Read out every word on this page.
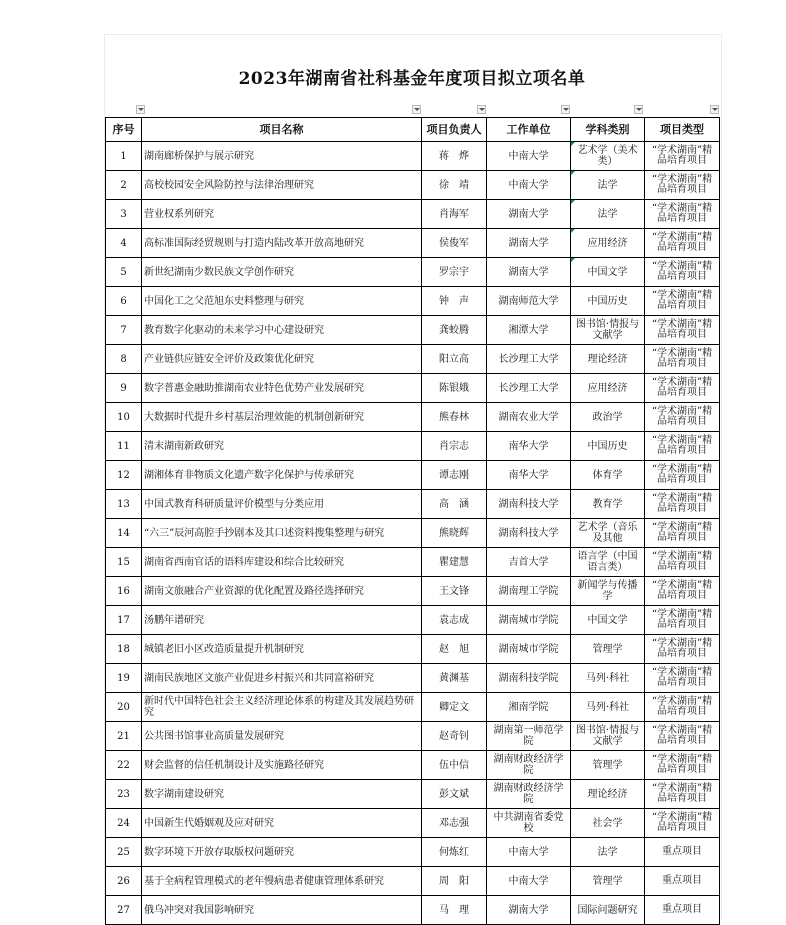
2023年湖南省社科基金年度项目拟立项名单
序号	项目名称	项目负责人	工作单位	学科类别	项目类型
1	湖南廊桥保护与展示研究	蒋　烨	中南大学	艺术学（美术类）	“学术湖南”精品培育项目
2	高校校园安全风险防控与法律治理研究	徐　靖	中南大学	法学	“学术湖南”精品培育项目
3	营业权系列研究	肖海军	湖南大学	法学	“学术湖南”精品培育项目
4	高标准国际经贸规则与打造内陆改革开放高地研究	侯俊军	湖南大学	应用经济	“学术湖南”精品培育项目
5	新世纪湖南少数民族文学创作研究	罗宗宇	湖南大学	中国文学	“学术湖南”精品培育项目
6	中国化工之父范旭东史料整理与研究	钟　声	湖南师范大学	中国历史	“学术湖南”精品培育项目
7	教育数字化驱动的未来学习中心建设研究	龚蛟腾	湘潭大学	图书馆·情报与文献学	“学术湖南”精品培育项目
8	产业链供应链安全评价及政策优化研究	阳立高	长沙理工大学	理论经济	“学术湖南”精品培育项目
9	数字普惠金融助推湖南农业特色优势产业发展研究	陈银娥	长沙理工大学	应用经济	“学术湖南”精品培育项目
10	大数据时代提升乡村基层治理效能的机制创新研究	熊春林	湖南农业大学	政治学	“学术湖南”精品培育项目
11	清末湖南新政研究	肖宗志	南华大学	中国历史	“学术湖南”精品培育项目
12	湖湘体育非物质文化遗产数字化保护与传承研究	谭志刚	南华大学	体育学	“学术湖南”精品培育项目
13	中国式教育科研质量评价模型与分类应用	高　涵	湖南科技大学	教育学	“学术湖南”精品培育项目
14	“六三”辰河高腔手抄剧本及其口述资料搜集整理与研究	熊晓辉	湖南科技大学	艺术学（音乐及其他	“学术湖南”精品培育项目
15	湖南省西南官话的语料库建设和综合比较研究	瞿建慧	吉首大学	语言学（中国语言类）	“学术湖南”精品培育项目
16	湖南文旅融合产业资源的优化配置及路径选择研究	王文锋	湖南理工学院	新闻学与传播学	“学术湖南”精品培育项目
17	汤鹏年谱研究	袁志成	湖南城市学院	中国文学	“学术湖南”精品培育项目
18	城镇老旧小区改造质量提升机制研究	赵　旭	湖南城市学院	管理学	“学术湖南”精品培育项目
19	湖南民族地区文旅产业促进乡村振兴和共同富裕研究	黄渊基	湖南科技学院	马列·科社	“学术湖南”精品培育项目
20	新时代中国特色社会主义经济理论体系的构建及其发展趋势研究	卿定文	湘南学院	马列·科社	“学术湖南”精品培育项目
21	公共图书馆事业高质量发展研究	赵奇钊	湖南第一师范学院	图书馆·情报与文献学	“学术湖南”精品培育项目
22	财会监督的信任机制设计及实施路径研究	伍中信	湖南财政经济学院	管理学	“学术湖南”精品培育项目
23	数字湖南建设研究	彭文斌	湖南财政经济学院	理论经济	“学术湖南”精品培育项目
24	中国新生代婚姻观及应对研究	邓志强	中共湖南省委党校	社会学	“学术湖南”精品培育项目
25	数字环境下开放存取版权问题研究	何炼红	中南大学	法学	重点项目
26	基于全病程管理模式的老年慢病患者健康管理体系研究	周　阳	中南大学	管理学	重点项目
27	俄乌冲突对我国影响研究	马　理	湖南大学	国际问题研究	重点项目
